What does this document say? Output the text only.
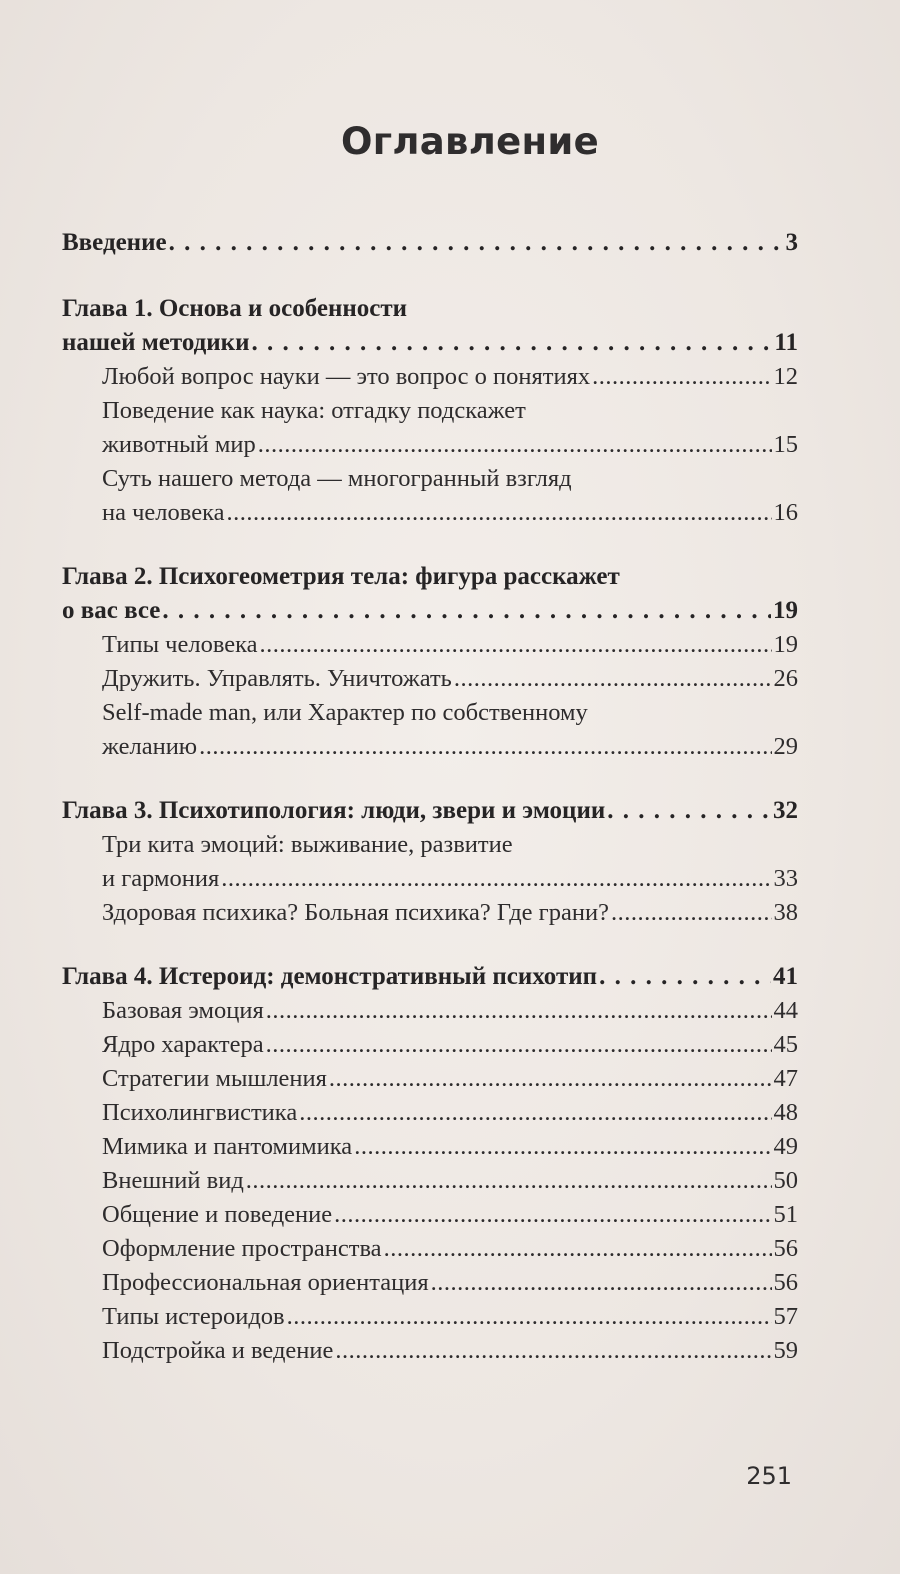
Оглавление
Введение . . .	3
Глава 1. Основа и особенности
нашей методики . . .	11
Любой вопрос науки — это вопрос о понятиях .....	12
Поведение как наука: отгадку подскажет
животный мир .....	15
Суть нашего метода — многогранный взгляд
на человека .....	16
Глава 2. Психогеометрия тела: фигура расскажет
о вас все . . .	19
Типы человека .....	19
Дружить. Управлять. Уничтожать .....	26
Self-made man, или Характер по собственному
желанию .....	29
Глава 3. Психотипология: люди, звери и эмоции . . .	32
Три кита эмоций: выживание, развитие
и гармония .....	33
Здоровая психика? Больная психика? Где грани? .....	38
Глава 4. Истероид: демонстративный психотип . . .	41
Базовая эмоция .....	44
Ядро характера .....	45
Стратегии мышления .....	47
Психолингвистика .....	48
Мимика и пантомимика .....	49
Внешний вид .....	50
Общение и поведение .....	51
Оформление пространства .....	56
Профессиональная ориентация .....	56
Типы истероидов .....	57
Подстройка и ведение .....	59
251
